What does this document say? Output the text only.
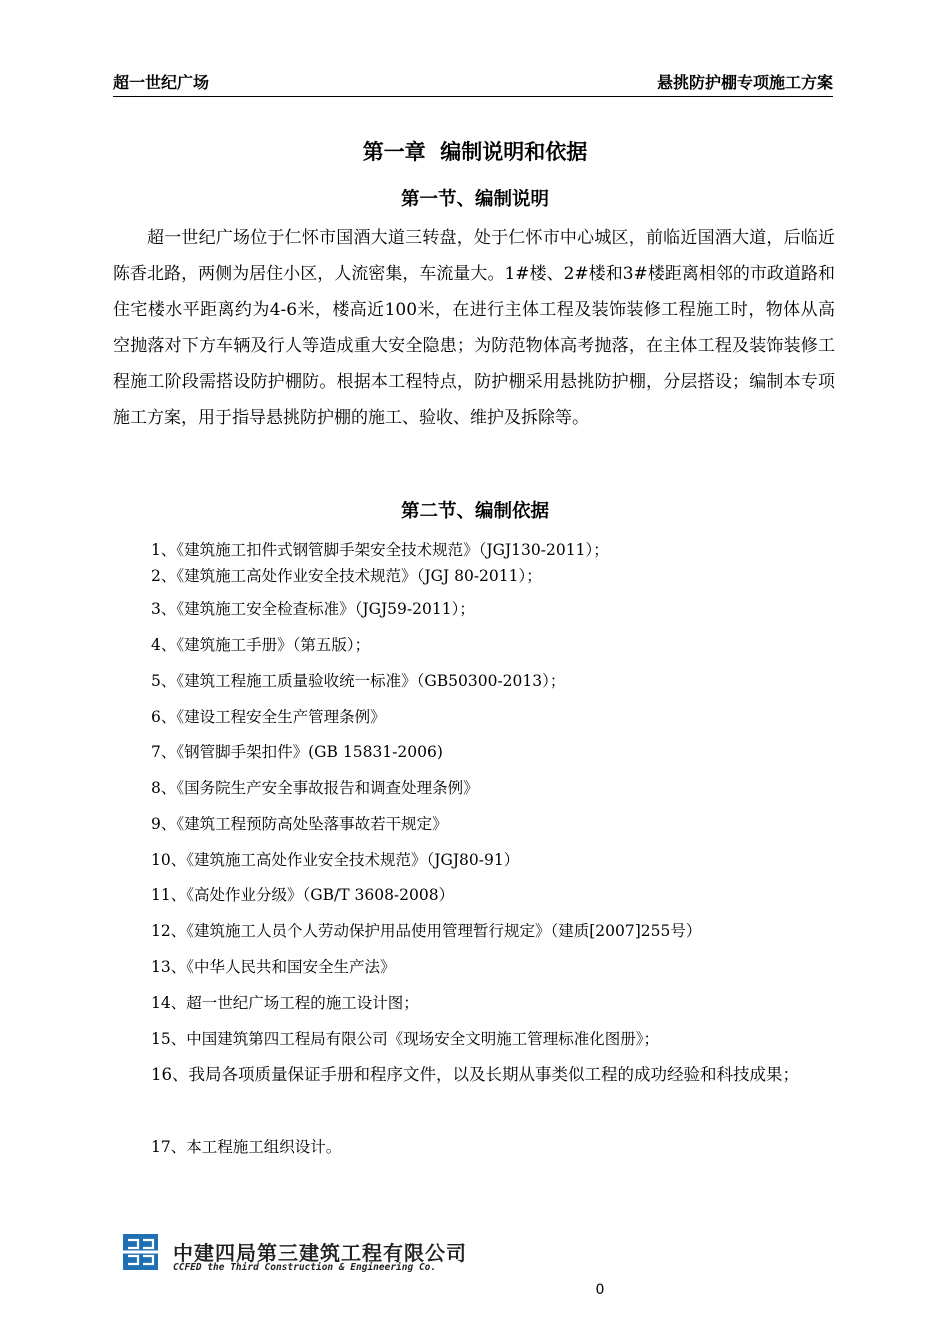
超一世纪广场	悬挑防护棚专项施工方案
第一章  编制说明和依据
第一节、编制说明

超一世纪广场位于仁怀市国酒大道三转盘，处于仁怀市中心城区，前临近国酒大道，后临近陈香北路，两侧为居住小区，人流密集，车流量大。1#楼、2#楼和3#楼距离相邻的市政道路和住宅楼水平距离约为4-6米，楼高近100米，在进行主体工程及装饰装修工程施工时，物体从高空抛落对下方车辆及行人等造成重大安全隐患；为防范物体高考抛落，在主体工程及装饰装修工程施工阶段需搭设防护棚防。根据本工程特点，防护棚采用悬挑防护棚，分层搭设；编制本专项施工方案，用于指导悬挑防护棚的施工、验收、维护及拆除等。

第二节、编制依据
1、《建筑施工扣件式钢管脚手架安全技术规范》（JGJ130-2011）；
2、《建筑施工高处作业安全技术规范》（JGJ 80-2011）；
3、《建筑施工安全检查标准》（JGJ59-2011）；
4、《建筑施工手册》（第五版）；
5、《建筑工程施工质量验收统一标准》（GB50300-2013）；
6、《建设工程安全生产管理条例》
7、《钢管脚手架扣件》(GB 15831-2006)
8、《国务院生产安全事故报告和调查处理条例》
9、《建筑工程预防高处坠落事故若干规定》
10、《建筑施工高处作业安全技术规范》（JGJ80-91）
11、《高处作业分级》（GB/T 3608-2008）
12、《建筑施工人员个人劳动保护用品使用管理暂行规定》（建质[2007]255号）
13、《中华人民共和国安全生产法》
14、超一世纪广场工程的施工设计图；
15、中国建筑第四工程局有限公司《现场安全文明施工管理标准化图册》；
16、我局各项质量保证手册和程序文件，以及长期从事类似工程的成功经验和科技成果；
17、本工程施工组织设计。
中建四局第三建筑工程有限公司
CCFED the Third Construction & Engineering Co.
0
